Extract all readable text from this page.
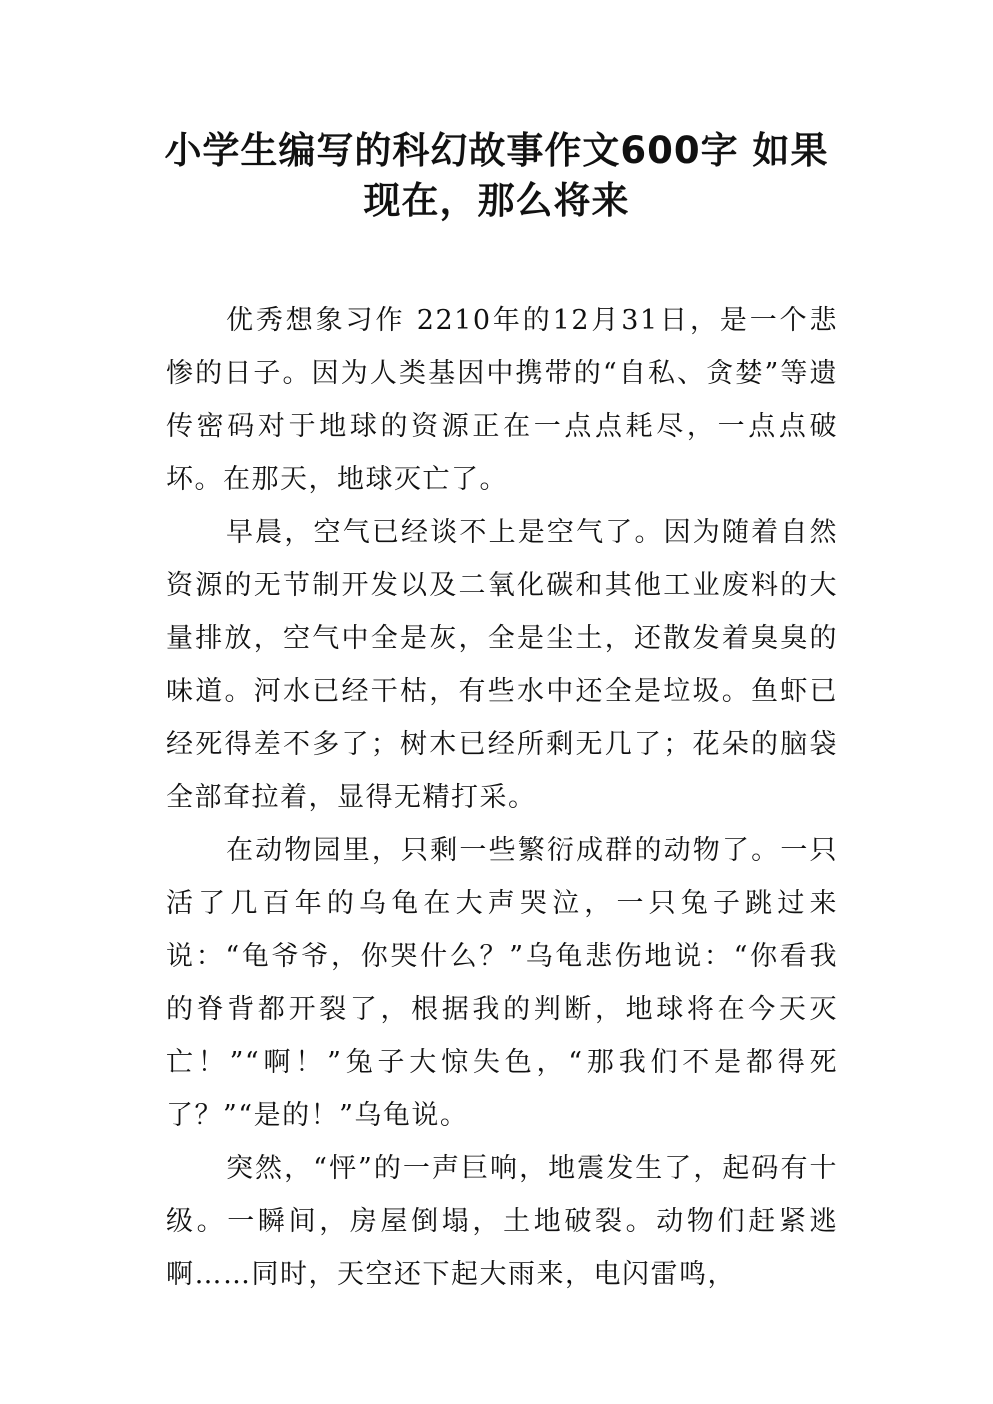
小学生编写的科幻故事作文600字 如果现在，那么将来

优秀想象习作 2210年的12月31日，是一个悲惨的日子。因为人类基因中携带的“自私、贪婪”等遗传密码对于地球的资源正在一点点耗尽，一点点破坏。在那天，地球灭亡了。

早晨，空气已经谈不上是空气了。因为随着自然资源的无节制开发以及二氧化碳和其他工业废料的大量排放，空气中全是灰，全是尘土，还散发着臭臭的味道。河水已经干枯，有些水中还全是垃圾。鱼虾已经死得差不多了；树木已经所剩无几了；花朵的脑袋全部耷拉着，显得无精打采。

在动物园里，只剩一些繁衍成群的动物了。一只活了几百年的乌龟在大声哭泣，一只兔子跳过来说：“龟爷爷，你哭什么？”乌龟悲伤地说：“你看我的脊背都开裂了，根据我的判断，地球将在今天灭亡！”“啊！”兔子大惊失色，“那我们不是都得死了？”“是的！”乌龟说。

突然，“怦”的一声巨响，地震发生了，起码有十级。一瞬间，房屋倒塌，土地破裂。动物们赶紧逃啊……同时，天空还下起大雨来，电闪雷鸣，
